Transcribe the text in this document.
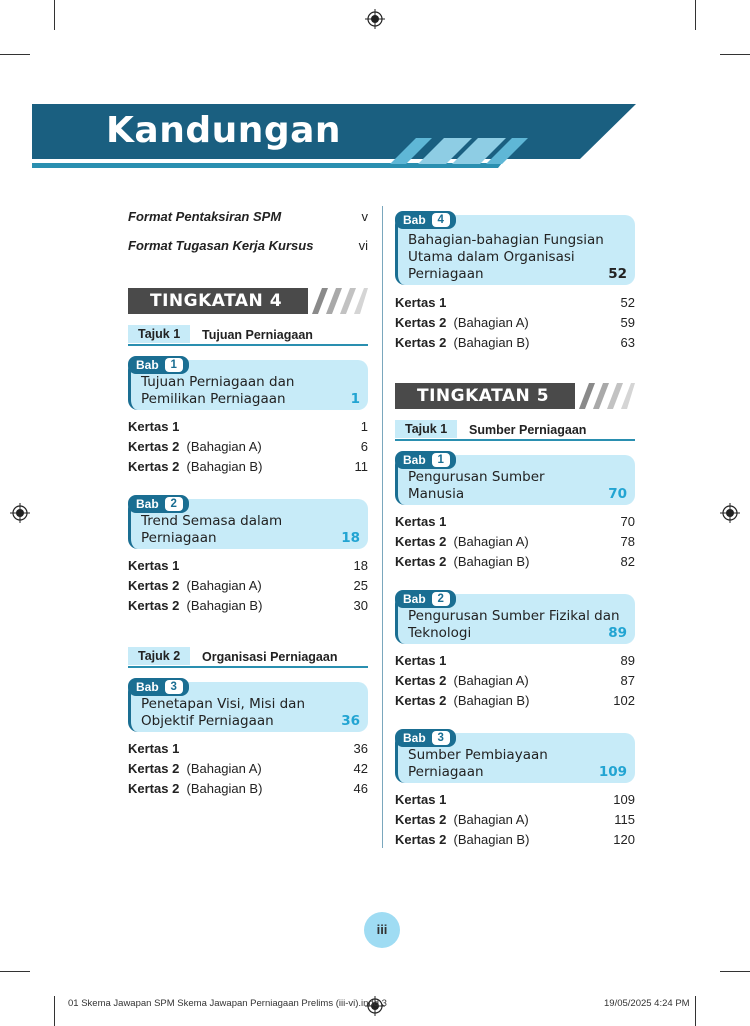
Kandungan
Format Pentaksiran SPM	v
Format Tugasan Kerja Kursus	vi
TINGKATAN 4
Tajuk 1	Tujuan Perniagaan
Bab	1
Tujuan Perniagaan dan Pemilikan Perniagaan	1
Kertas 1	1
Kertas 2 (Bahagian A)	6
Kertas 2 (Bahagian B)	11
Bab	2
Trend Semasa dalam Perniagaan	18
Kertas 1	18
Kertas 2 (Bahagian A)	25
Kertas 2 (Bahagian B)	30
Tajuk 2	Organisasi Perniagaan
Bab	3
Penetapan Visi, Misi dan Objektif Perniagaan	36
Kertas 1	36
Kertas 2 (Bahagian A)	42
Kertas 2 (Bahagian B)	46
Bab	4
Bahagian-bahagian Fungsian Utama dalam Organisasi Perniagaan	52
Kertas 1	52
Kertas 2 (Bahagian A)	59
Kertas 2 (Bahagian B)	63
TINGKATAN 5
Tajuk 1	Sumber Perniagaan
Bab	1
Pengurusan Sumber Manusia	70
Kertas 1	70
Kertas 2 (Bahagian A)	78
Kertas 2 (Bahagian B)	82
Bab	2
Pengurusan Sumber Fizikal dan Teknologi	89
Kertas 1	89
Kertas 2 (Bahagian A)	87
Kertas 2 (Bahagian B)	102
Bab	3
Sumber Pembiayaan Perniagaan	109
Kertas 1	109
Kertas 2 (Bahagian A)	115
Kertas 2 (Bahagian B)	120
iii
01 Skema Jawapan SPM Skema Jawapan Perniagaan Prelims (iii-vi).indd 3	19/05/2025 4:24 PM
